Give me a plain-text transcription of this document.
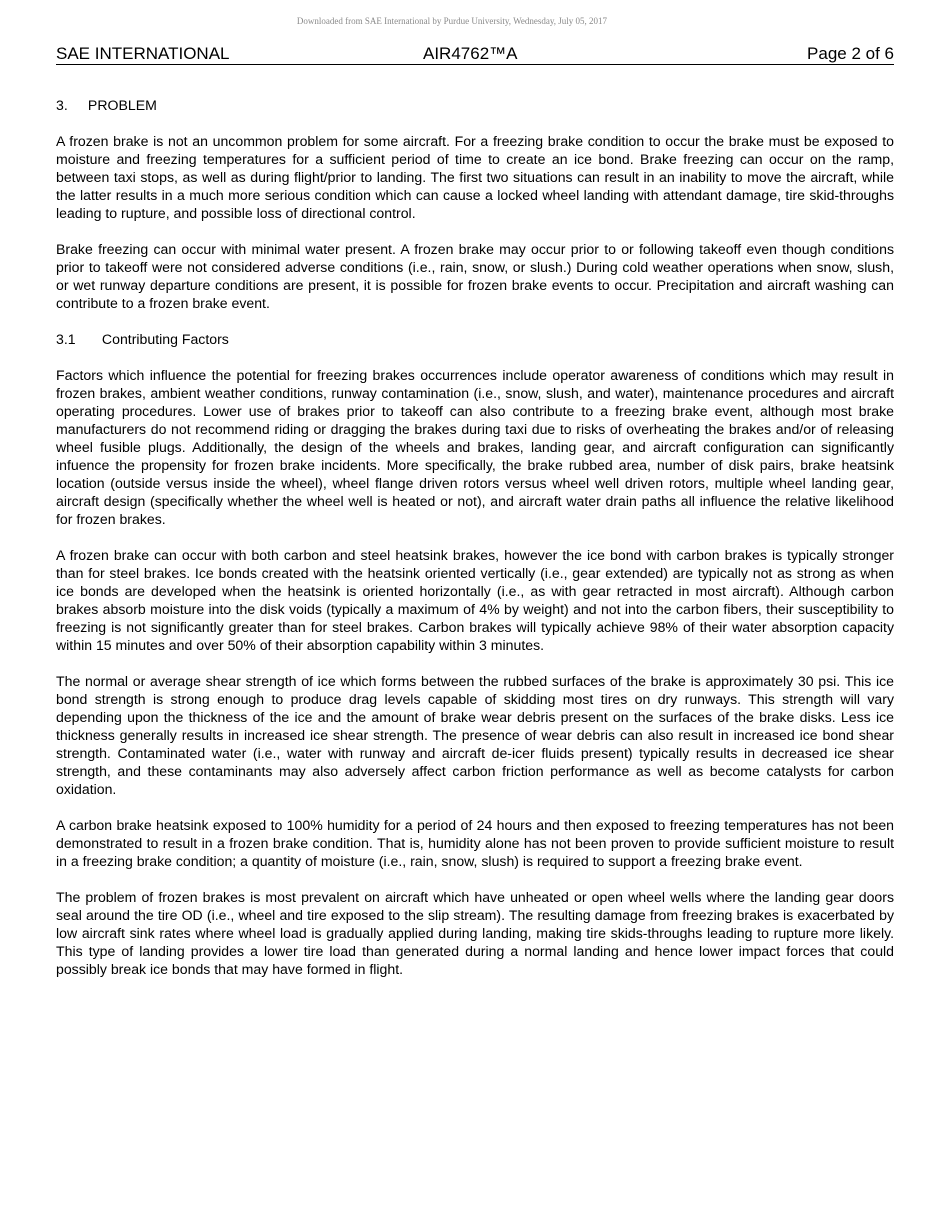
Downloaded from SAE International by Purdue University, Wednesday, July 05, 2017
SAE INTERNATIONAL	AIR4762™A	Page 2 of 6
3. PROBLEM

A frozen brake is not an uncommon problem for some aircraft. For a freezing brake condition to occur the brake must be exposed to moisture and freezing temperatures for a sufficient period of time to create an ice bond. Brake freezing can occur on the ramp, between taxi stops, as well as during flight/prior to landing. The first two situations can result in an inability to move the aircraft, while the latter results in a much more serious condition which can cause a locked wheel landing with attendant damage, tire skid-throughs leading to rupture, and possible loss of directional control.

Brake freezing can occur with minimal water present. A frozen brake may occur prior to or following takeoff even though conditions prior to takeoff were not considered adverse conditions (i.e., rain, snow, or slush.) During cold weather operations when snow, slush, or wet runway departure conditions are present, it is possible for frozen brake events to occur. Precipitation and aircraft washing can contribute to a frozen brake event.

3.1 Contributing Factors

Factors which influence the potential for freezing brakes occurrences include operator awareness of conditions which may result in frozen brakes, ambient weather conditions, runway contamination (i.e., snow, slush, and water), maintenance procedures and aircraft operating procedures. Lower use of brakes prior to takeoff can also contribute to a freezing brake event, although most brake manufacturers do not recommend riding or dragging the brakes during taxi due to risks of overheating the brakes and/or of releasing wheel fusible plugs. Additionally, the design of the wheels and brakes, landing gear, and aircraft configuration can significantly infuence the propensity for frozen brake incidents. More specifically, the brake rubbed area, number of disk pairs, brake heatsink location (outside versus inside the wheel), wheel flange driven rotors versus wheel well driven rotors, multiple wheel landing gear, aircraft design (specifically whether the wheel well is heated or not), and aircraft water drain paths all influence the relative likelihood for frozen brakes.

A frozen brake can occur with both carbon and steel heatsink brakes, however the ice bond with carbon brakes is typically stronger than for steel brakes. Ice bonds created with the heatsink oriented vertically (i.e., gear extended) are typically not as strong as when ice bonds are developed when the heatsink is oriented horizontally (i.e., as with gear retracted in most aircraft). Although carbon brakes absorb moisture into the disk voids (typically a maximum of 4% by weight) and not into the carbon fibers, their susceptibility to freezing is not significantly greater than for steel brakes. Carbon brakes will typically achieve 98% of their water absorption capacity within 15 minutes and over 50% of their absorption capability within 3 minutes.

The normal or average shear strength of ice which forms between the rubbed surfaces of the brake is approximately 30 psi. This ice bond strength is strong enough to produce drag levels capable of skidding most tires on dry runways. This strength will vary depending upon the thickness of the ice and the amount of brake wear debris present on the surfaces of the brake disks. Less ice thickness generally results in increased ice shear strength. The presence of wear debris can also result in increased ice bond shear strength. Contaminated water (i.e., water with runway and aircraft de-icer fluids present) typically results in decreased ice shear strength, and these contaminants may also adversely affect carbon friction performance as well as become catalysts for carbon oxidation.

A carbon brake heatsink exposed to 100% humidity for a period of 24 hours and then exposed to freezing temperatures has not been demonstrated to result in a frozen brake condition. That is, humidity alone has not been proven to provide sufficient moisture to result in a freezing brake condition; a quantity of moisture (i.e., rain, snow, slush) is required to support a freezing brake event.

The problem of frozen brakes is most prevalent on aircraft which have unheated or open wheel wells where the landing gear doors seal around the tire OD (i.e., wheel and tire exposed to the slip stream). The resulting damage from freezing brakes is exacerbated by low aircraft sink rates where wheel load is gradually applied during landing, making tire skids-throughs leading to rupture more likely. This type of landing provides a lower tire load than generated during a normal landing and hence lower impact forces that could possibly break ice bonds that may have formed in flight.
